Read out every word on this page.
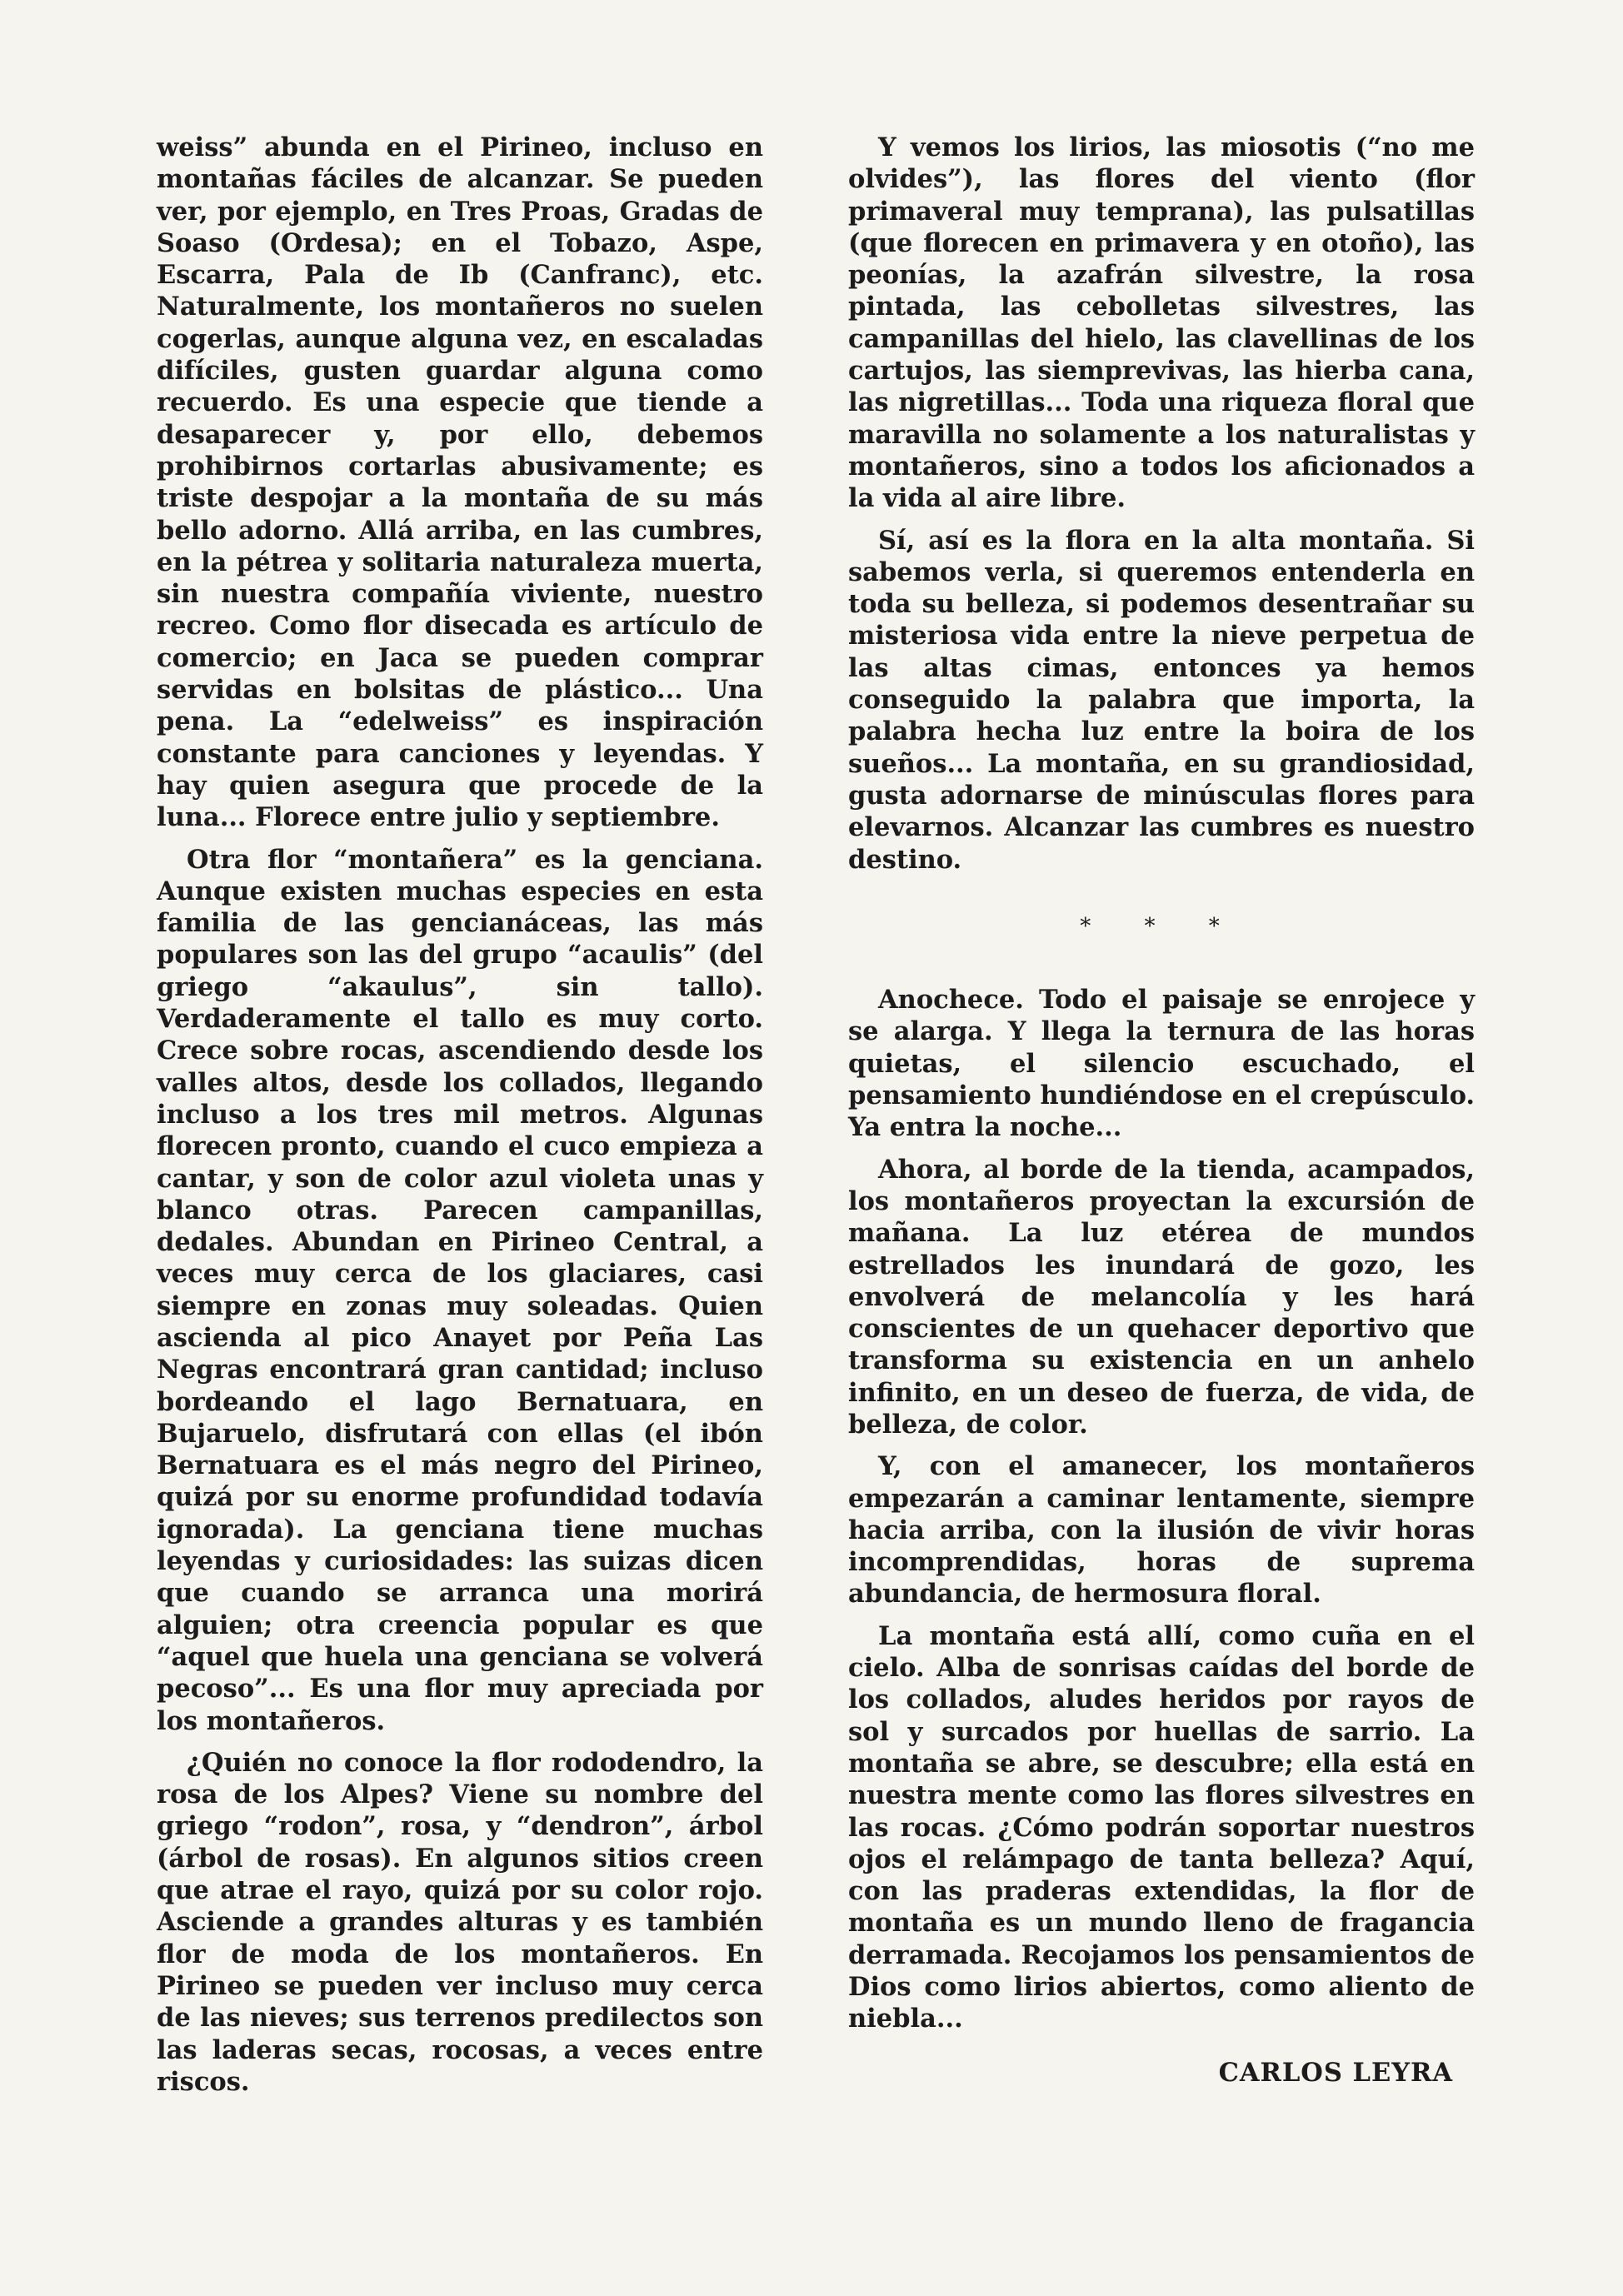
weiss” abunda en el Pirineo, incluso en montañas fáciles de alcanzar. Se pueden ver, por ejemplo, en Tres Proas, Gradas de Soaso (Ordesa); en el Tobazo, Aspe, Escarra, Pala de Ib (Canfranc), etc. Naturalmente, los montañeros no suelen cogerlas, aunque alguna vez, en escaladas difíciles, gusten guardar alguna como recuerdo. Es una especie que tiende a desaparecer y, por ello, debemos prohibirnos cortarlas abusivamente; es triste despojar a la montaña de su más bello adorno. Allá arriba, en las cumbres, en la pétrea y solitaria naturaleza muerta, sin nuestra compañía viviente, nuestro recreo. Como flor disecada es artículo de comercio; en Jaca se pueden comprar servidas en bolsitas de plástico... Una pena. La “edelweiss” es inspiración constante para canciones y leyendas. Y hay quien asegura que procede de la luna... Florece entre julio y septiembre.

Otra flor “montañera” es la genciana. Aunque existen muchas especies en esta familia de las gencianáceas, las más populares son las del grupo “acaulis” (del griego “akaulus”, sin tallo). Verdaderamente el tallo es muy corto. Crece sobre rocas, ascendiendo desde los valles altos, desde los collados, llegando incluso a los tres mil metros. Algunas florecen pronto, cuando el cuco empieza a cantar, y son de color azul violeta unas y blanco otras. Parecen campanillas, dedales. Abundan en Pirineo Central, a veces muy cerca de los glaciares, casi siempre en zonas muy soleadas. Quien ascienda al pico Anayet por Peña Las Negras encontrará gran cantidad; incluso bordeando el lago Bernatuara, en Bujaruelo, disfrutará con ellas (el ibón Bernatuara es el más negro del Pirineo, quizá por su enorme profundidad todavía ignorada). La genciana tiene muchas leyendas y curiosidades: las suizas dicen que cuando se arranca una morirá alguien; otra creencia popular es que “aquel que huela una genciana se volverá pecoso”... Es una flor muy apreciada por los montañeros.

¿Quién no conoce la flor rododendro, la rosa de los Alpes? Viene su nombre del griego “rodon”, rosa, y “dendron”, árbol (árbol de rosas). En algunos sitios creen que atrae el rayo, quizá por su color rojo. Asciende a grandes alturas y es también flor de moda de los montañeros. En Pirineo se pueden ver incluso muy cerca de las nieves; sus terrenos predilectos son las laderas secas, rocosas, a veces entre riscos.

Y vemos los lirios, las miosotis (“no me olvides”), las flores del viento (flor primaveral muy temprana), las pulsatillas (que florecen en primavera y en otoño), las peonías, la azafrán silvestre, la rosa pintada, las cebolletas silvestres, las campanillas del hielo, las clavellinas de los cartujos, las siemprevivas, las hierba cana, las nigretillas... Toda una riqueza floral que maravilla no solamente a los naturalistas y montañeros, sino a todos los aficionados a la vida al aire libre.

Sí, así es la flora en la alta montaña. Si sabemos verla, si queremos entenderla en toda su belleza, si podemos desentrañar su misteriosa vida entre la nieve perpetua de las altas cimas, entonces ya hemos conseguido la palabra que importa, la palabra hecha luz entre la boira de los sueños... La montaña, en su grandiosidad, gusta adornarse de minúsculas flores para elevarnos. Alcanzar las cumbres es nuestro destino.

* * *

Anochece. Todo el paisaje se enrojece y se alarga. Y llega la ternura de las horas quietas, el silencio escuchado, el pensamiento hundiéndose en el crepúsculo. Ya entra la noche...

Ahora, al borde de la tienda, acampados, los montañeros proyectan la excursión de mañana. La luz etérea de mundos estrellados les inundará de gozo, les envolverá de melancolía y les hará conscientes de un quehacer deportivo que transforma su existencia en un anhelo infinito, en un deseo de fuerza, de vida, de belleza, de color.

Y, con el amanecer, los montañeros empezarán a caminar lentamente, siempre hacia arriba, con la ilusión de vivir horas incomprendidas, horas de suprema abundancia, de hermosura floral.

La montaña está allí, como cuña en el cielo. Alba de sonrisas caídas del borde de los collados, aludes heridos por rayos de sol y surcados por huellas de sarrio. La montaña se abre, se descubre; ella está en nuestra mente como las flores silvestres en las rocas. ¿Cómo podrán soportar nuestros ojos el relámpago de tanta belleza? Aquí, con las praderas extendidas, la flor de montaña es un mundo lleno de fragancia derramada. Recojamos los pensamientos de Dios como lirios abiertos, como aliento de niebla...

CARLOS LEYRA
